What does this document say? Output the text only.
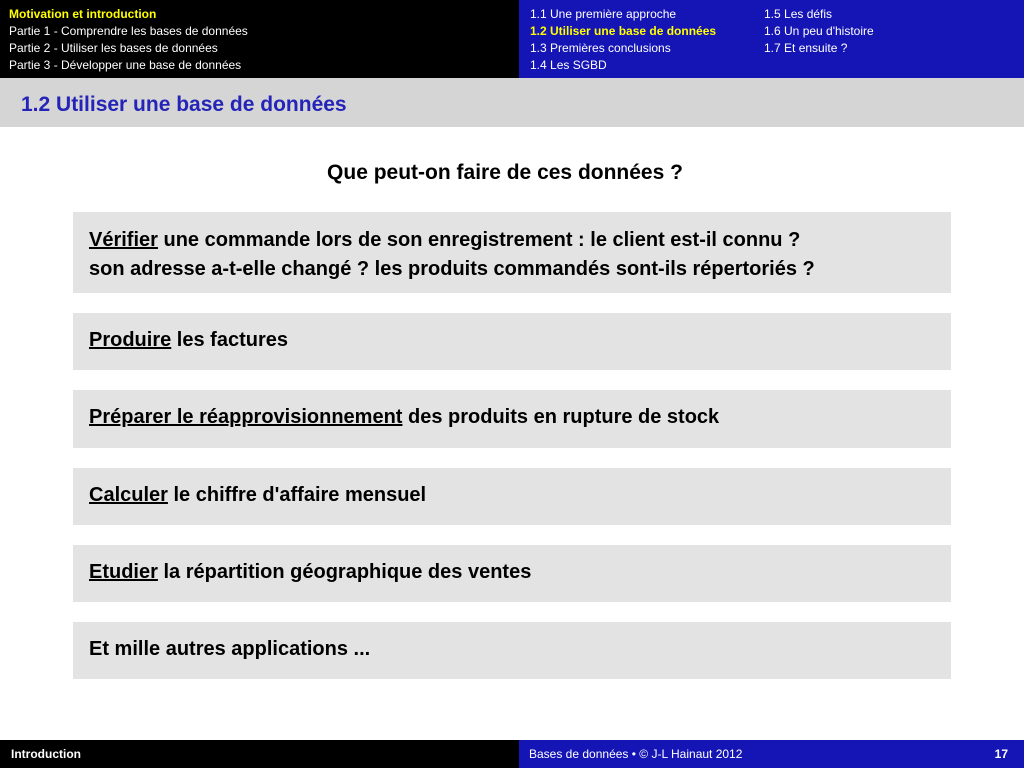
Motivation et introduction
Partie 1 - Comprendre les bases de données
Partie 2 - Utiliser les bases de données
Partie 3 - Développer une base de données
1.1 Une première approche
1.2 Utiliser une base de données
1.3 Premières conclusions
1.4 Les SGBD
1.5 Les défis
1.6 Un peu d'histoire
1.7 Et ensuite ?
1.2 Utiliser une base de données
Que peut-on faire de ces données ?

Vérifier une commande lors de son enregistrement : le client est-il connu ?

son adresse a-t-elle changé ? les produits commandés sont-ils répertoriés ?

Produire les factures

Préparer le réapprovisionnement des produits en rupture de stock

Calculer le chiffre d'affaire mensuel

Etudier la répartition géographique des ventes

Et mille autres applications ...

Introduction	Bases de données • © J-L Hainaut 2012	17
